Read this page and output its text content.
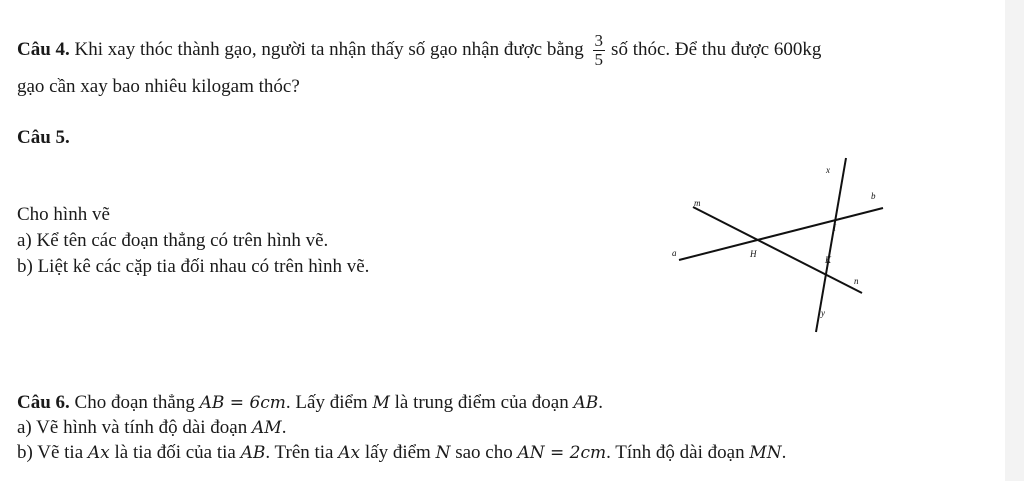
Câu 4. Khi xay thóc thành gạo, người ta nhận thấy số gạo nhận được bằng $\frac{3}{5}$ số thóc. Để thu được 600kg
gạo cần xay bao nhiêu kilogam thóc?
Câu 5.
Cho hình vẽ
a) Kể tên các đoạn thẳng có trên hình vẽ.
b) Liệt kê các cặp tia đối nhau có trên hình vẽ.
x
m
b
I
a	H
K
n
y
Câu 6. Cho đoạn thẳng AB = 6cm. Lấy điểm M là trung điểm của đoạn AB.
a) Vẽ hình và tính độ dài đoạn AM.
b) Vẽ tia Ax là tia đối của tia AB. Trên tia Ax lấy điểm N sao cho AN = 2cm. Tính độ dài đoạn MN.
